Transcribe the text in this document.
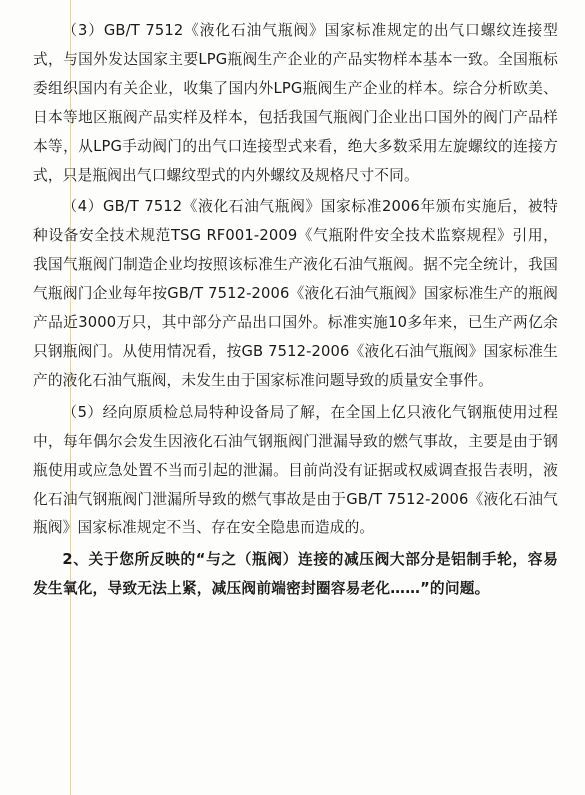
（3）GB/T 7512《液化石油气瓶阀》国家标准规定的出气口螺纹连接型式，与国外发达国家主要LPG瓶阀生产企业的产品实物样本基本一致。全国瓶标委组织国内有关企业，收集了国内外LPG瓶阀生产企业的样本。综合分析欧美、日本等地区瓶阀产品实样及样本，包括我国气瓶阀门企业出口国外的阀门产品样本等，从LPG手动阀门的出气口连接型式来看，绝大多数采用左旋螺纹的连接方式，只是瓶阀出气口螺纹型式的内外螺纹及规格尺寸不同。

（4）GB/T 7512《液化石油气瓶阀》国家标准2006年颁布实施后，被特种设备安全技术规范TSG RF001-2009《气瓶附件安全技术监察规程》引用，我国气瓶阀门制造企业均按照该标准生产液化石油气瓶阀。据不完全统计，我国气瓶阀门企业每年按GB/T 7512-2006《液化石油气瓶阀》国家标准生产的瓶阀产品近3000万只，其中部分产品出口国外。标准实施10多年来，已生产两亿余只钢瓶阀门。从使用情况看，按GB 7512-2006《液化石油气瓶阀》国家标准生产的液化石油气瓶阀，未发生由于国家标准问题导致的质量安全事件。

（5）经向原质检总局特种设备局了解，在全国上亿只液化气钢瓶使用过程中，每年偶尔会发生因液化石油气钢瓶阀门泄漏导致的燃气事故，主要是由于钢瓶使用或应急处置不当而引起的泄漏。目前尚没有证据或权威调查报告表明，液化石油气钢瓶阀门泄漏所导致的燃气事故是由于GB/T 7512-2006《液化石油气瓶阀》国家标准规定不当、存在安全隐患而造成的。

2、关于您所反映的“与之（瓶阀）连接的减压阀大部分是铝制手轮，容易发生氧化，导致无法上紧，减压阀前端密封圈容易老化……”的问题。
